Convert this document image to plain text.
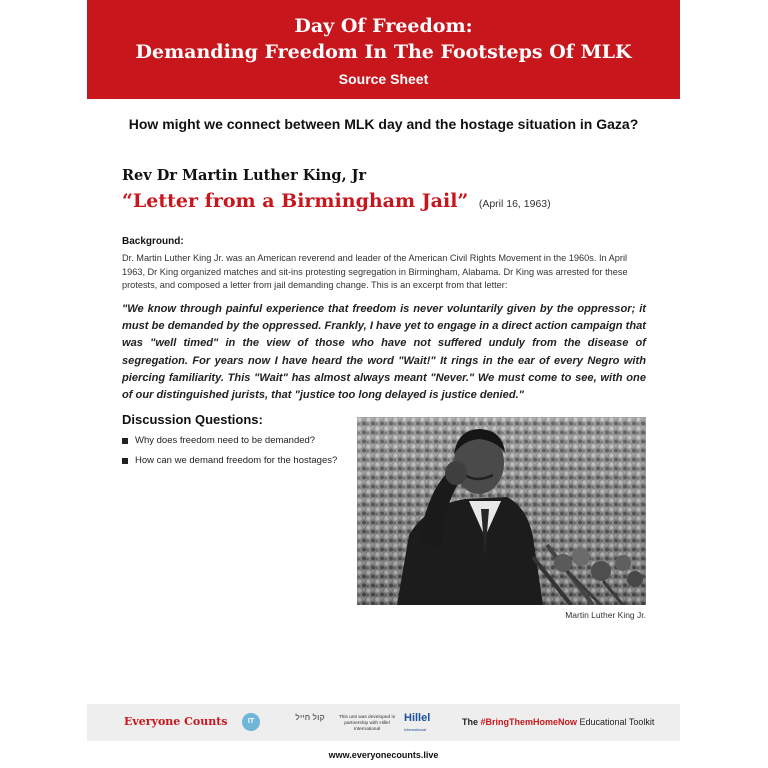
Day Of Freedom:
Demanding Freedom In The Footsteps Of MLK
Source Sheet
How might we connect between MLK day and the hostage situation in Gaza?
Rev Dr Martin Luther King, Jr
“Letter from a Birmingham Jail” (April 16, 1963)
Background:
Dr. Martin Luther King Jr. was an American reverend and leader of the American Civil Rights Movement in the 1960s. In April 1963, Dr King organized matches and sit-ins protesting segregation in Birmingham, Alabama. Dr King was arrested for these protests, and composed a letter from jail demanding change. This is an excerpt from that letter:
"We know through painful experience that freedom is never voluntarily given by the oppressor; it must be demanded by the oppressed. Frankly, I have yet to engage in a direct action campaign that was "well timed" in the view of those who have not suffered unduly from the disease of segregation. For years now I have heard the word "Wait!" It rings in the ear of every Negro with piercing familiarity. This "Wait" has almost always meant "Never." We must come to see, with one of our distinguished jurists, that "justice too long delayed is justice denied."
Discussion Questions:
Why does freedom need to be demanded?
How can we demand freedom for the hostages?
Martin Luther King Jr.
Everyone Counts	IT	קול חייל	This unit was developed in partnership with Hillel International
Hillel
International
The #BringThemHomeNow Educational Toolkit
www.everyonecounts.live
